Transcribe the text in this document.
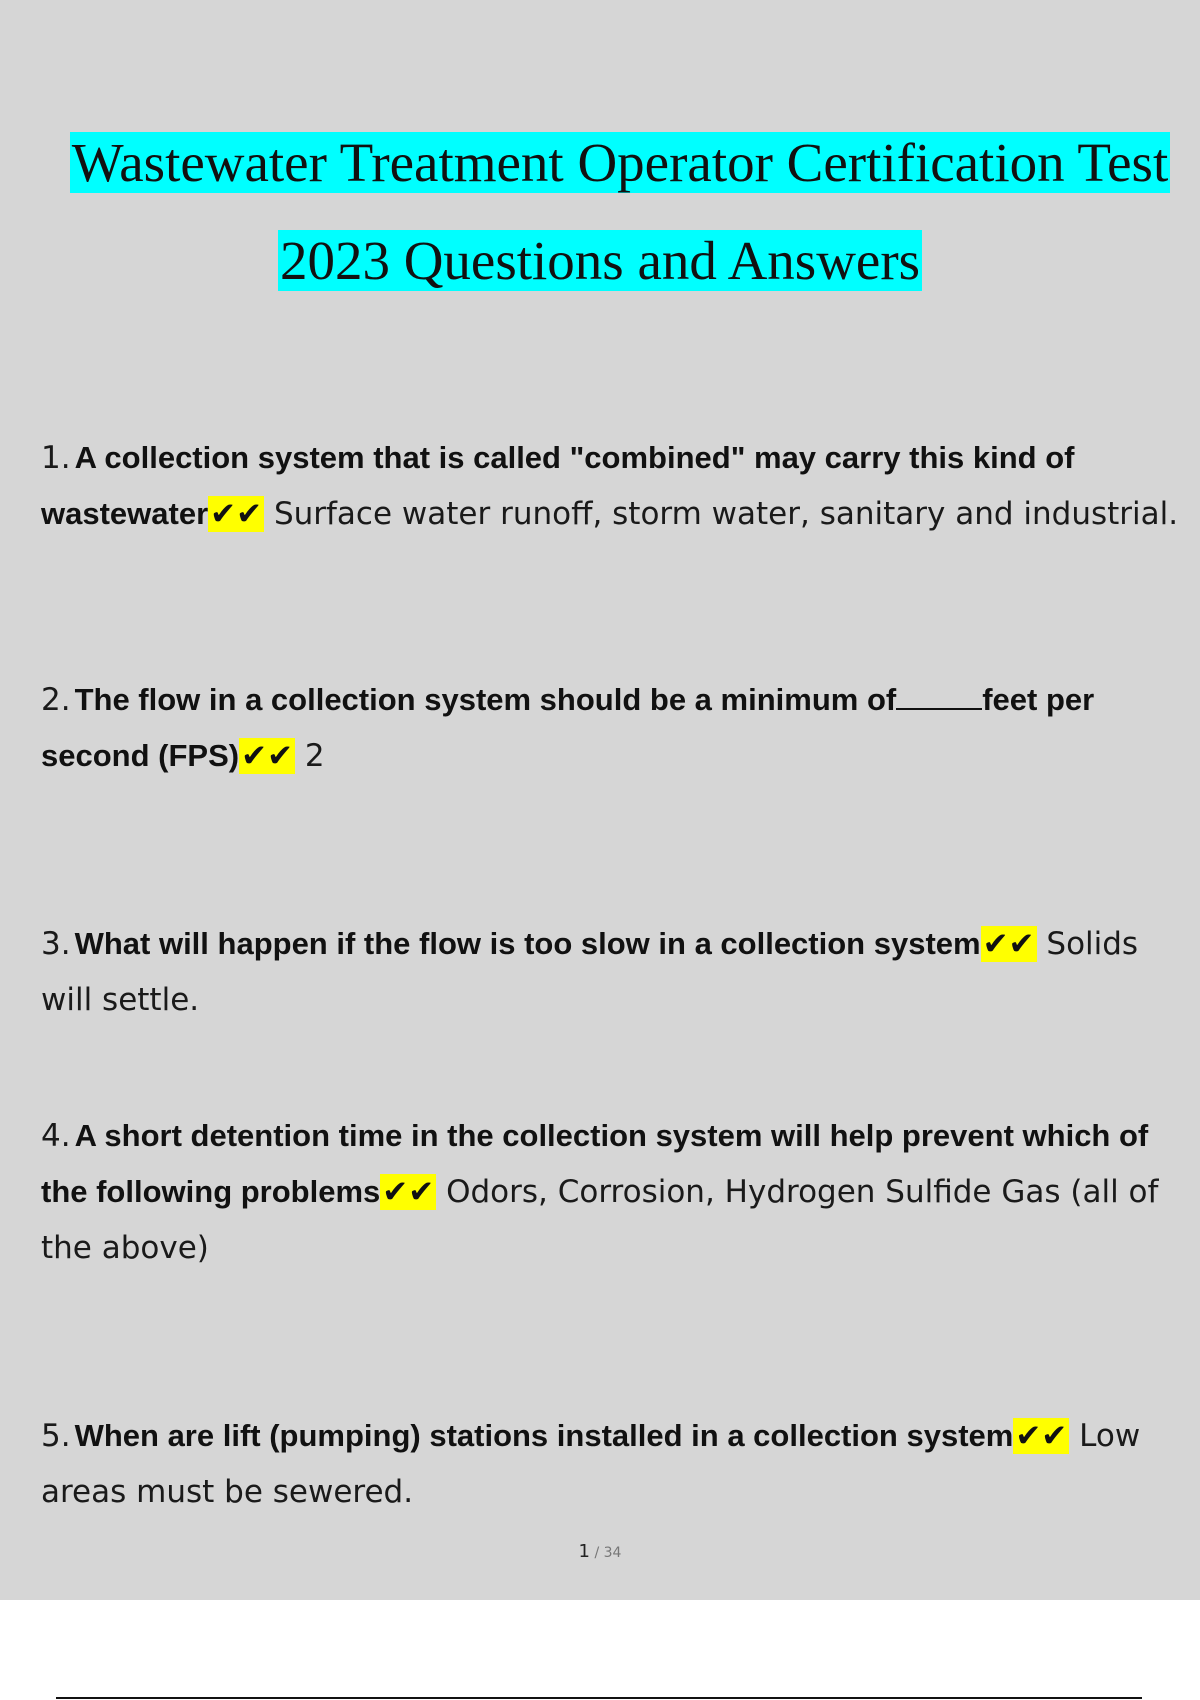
Wastewater Treatment Operator Certification Test
2023 Questions and Answers
1. A collection system that is called "combined" may carry this kind of wastewater✔✔ Surface water runoff, storm water, sanitary and industrial.
2. The flow in a collection system should be a minimum of	feet per second (FPS)✔✔ 2
3. What will happen if the flow is too slow in a collection system✔✔ Solids will settle.
4. A short detention time in the collection system will help prevent which of the following problems✔✔ Odors, Corrosion, Hydrogen Sulfide Gas (all of the above)
5. When are lift (pumping) stations installed in a collection system✔✔ Low areas must be sewered.
1 / 34
